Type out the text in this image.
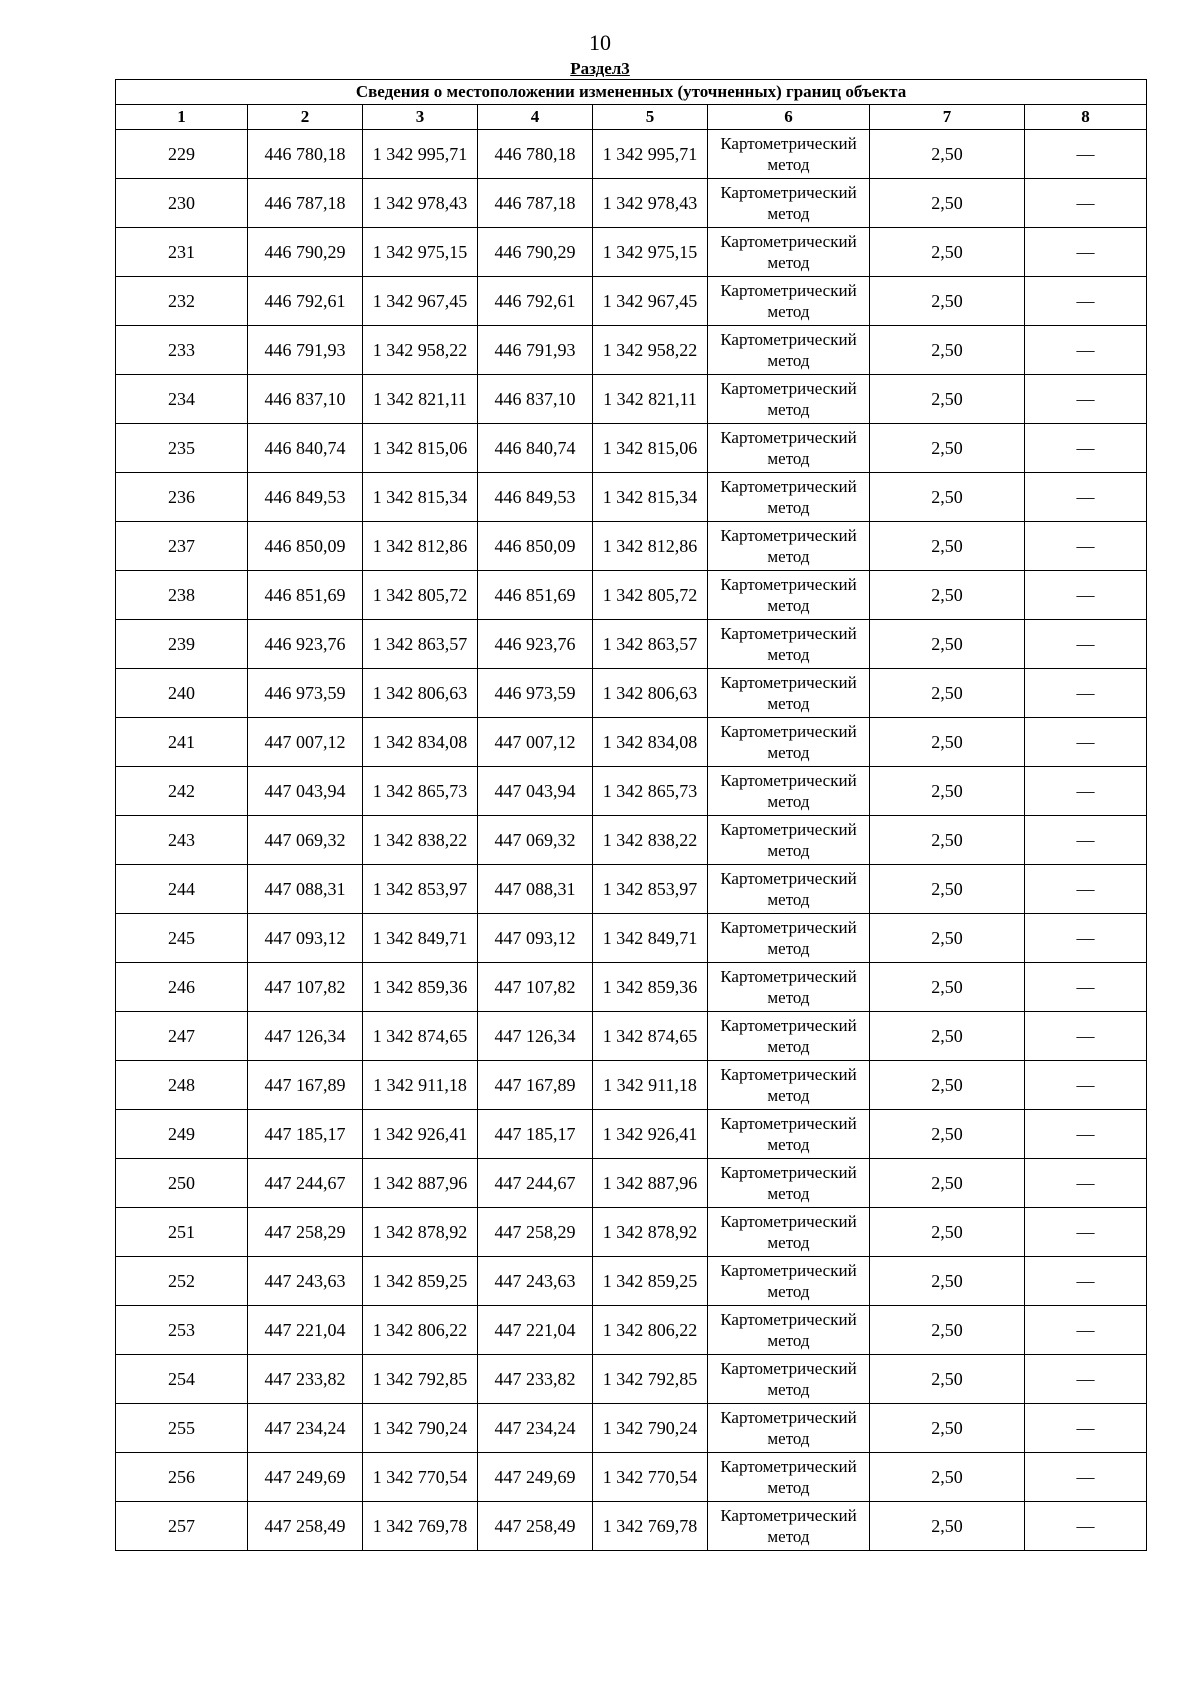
10
Раздел3
Сведения о местоположении измененных (уточненных) границ объекта							
1	2	3	4	5	6	7	8
229	446 780,18	1 342 995,71	446 780,18	1 342 995,71	Картометрический метод	2,50	—
230	446 787,18	1 342 978,43	446 787,18	1 342 978,43	Картометрический метод	2,50	—
231	446 790,29	1 342 975,15	446 790,29	1 342 975,15	Картометрический метод	2,50	—
232	446 792,61	1 342 967,45	446 792,61	1 342 967,45	Картометрический метод	2,50	—
233	446 791,93	1 342 958,22	446 791,93	1 342 958,22	Картометрический метод	2,50	—
234	446 837,10	1 342 821,11	446 837,10	1 342 821,11	Картометрический метод	2,50	—
235	446 840,74	1 342 815,06	446 840,74	1 342 815,06	Картометрический метод	2,50	—
236	446 849,53	1 342 815,34	446 849,53	1 342 815,34	Картометрический метод	2,50	—
237	446 850,09	1 342 812,86	446 850,09	1 342 812,86	Картометрический метод	2,50	—
238	446 851,69	1 342 805,72	446 851,69	1 342 805,72	Картометрический метод	2,50	—
239	446 923,76	1 342 863,57	446 923,76	1 342 863,57	Картометрический метод	2,50	—
240	446 973,59	1 342 806,63	446 973,59	1 342 806,63	Картометрический метод	2,50	—
241	447 007,12	1 342 834,08	447 007,12	1 342 834,08	Картометрический метод	2,50	—
242	447 043,94	1 342 865,73	447 043,94	1 342 865,73	Картометрический метод	2,50	—
243	447 069,32	1 342 838,22	447 069,32	1 342 838,22	Картометрический метод	2,50	—
244	447 088,31	1 342 853,97	447 088,31	1 342 853,97	Картометрический метод	2,50	—
245	447 093,12	1 342 849,71	447 093,12	1 342 849,71	Картометрический метод	2,50	—
246	447 107,82	1 342 859,36	447 107,82	1 342 859,36	Картометрический метод	2,50	—
247	447 126,34	1 342 874,65	447 126,34	1 342 874,65	Картометрический метод	2,50	—
248	447 167,89	1 342 911,18	447 167,89	1 342 911,18	Картометрический метод	2,50	—
249	447 185,17	1 342 926,41	447 185,17	1 342 926,41	Картометрический метод	2,50	—
250	447 244,67	1 342 887,96	447 244,67	1 342 887,96	Картометрический метод	2,50	—
251	447 258,29	1 342 878,92	447 258,29	1 342 878,92	Картометрический метод	2,50	—
252	447 243,63	1 342 859,25	447 243,63	1 342 859,25	Картометрический метод	2,50	—
253	447 221,04	1 342 806,22	447 221,04	1 342 806,22	Картометрический метод	2,50	—
254	447 233,82	1 342 792,85	447 233,82	1 342 792,85	Картометрический метод	2,50	—
255	447 234,24	1 342 790,24	447 234,24	1 342 790,24	Картометрический метод	2,50	—
256	447 249,69	1 342 770,54	447 249,69	1 342 770,54	Картометрический метод	2,50	—
257	447 258,49	1 342 769,78	447 258,49	1 342 769,78	Картометрический метод	2,50	—
